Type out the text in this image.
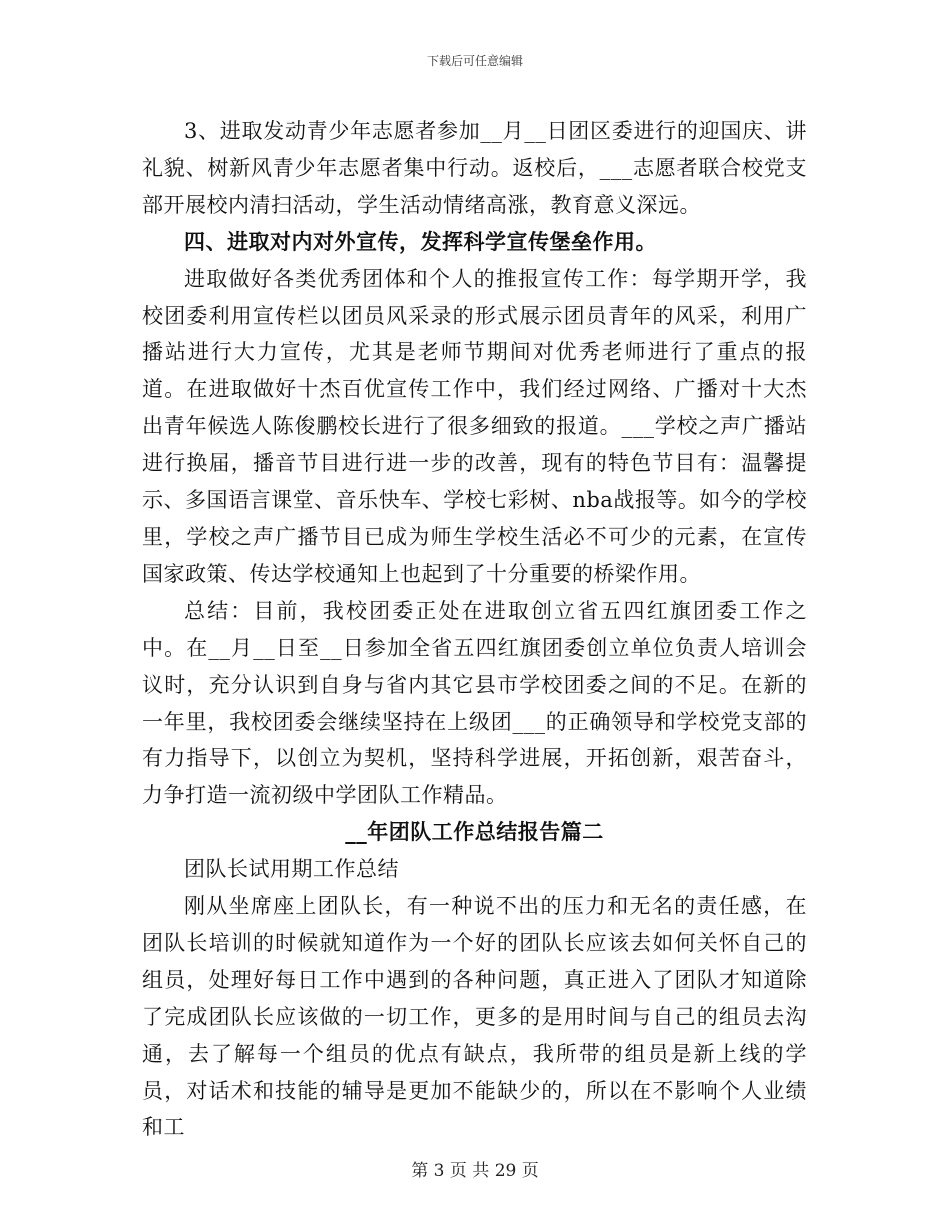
下载后可任意编辑

3、进取发动青少年志愿者参加__月__日团区委进行的迎国庆、讲礼貌、树新风青少年志愿者集中行动。返校后，___志愿者联合校党支部开展校内清扫活动，学生活动情绪高涨，教育意义深远。

四、进取对内对外宣传，发挥科学宣传堡垒作用。

进取做好各类优秀团体和个人的推报宣传工作：每学期开学，我校团委利用宣传栏以团员风采录的形式展示团员青年的风采，利用广播站进行大力宣传，尤其是老师节期间对优秀老师进行了重点的报道。在进取做好十杰百优宣传工作中，我们经过网络、广播对十大杰出青年候选人陈俊鹏校长进行了很多细致的报道。___学校之声广播站进行换届，播音节目进行进一步的改善，现有的特色节目有：温馨提示、多国语言课堂、音乐快车、学校七彩树、nba战报等。如今的学校里，学校之声广播节目已成为师生学校生活必不可少的元素，在宣传国家政策、传达学校通知上也起到了十分重要的桥梁作用。

总结：目前，我校团委正处在进取创立省五四红旗团委工作之中。在__月__日至__日参加全省五四红旗团委创立单位负责人培训会议时，充分认识到自身与省内其它县市学校团委之间的不足。在新的一年里，我校团委会继续坚持在上级团___的正确领导和学校党支部的有力指导下，以创立为契机，坚持科学进展，开拓创新，艰苦奋斗，力争打造一流初级中学团队工作精品。

__年团队工作总结报告篇二

团队长试用期工作总结

刚从坐席座上团队长，有一种说不出的压力和无名的责任感，在团队长培训的时候就知道作为一个好的团队长应该去如何关怀自己的组员，处理好每日工作中遇到的各种问题，真正进入了团队才知道除了完成团队长应该做的一切工作，更多的是用时间与自己的组员去沟通，去了解每一个组员的优点有缺点，我所带的组员是新上线的学员，对话术和技能的辅导是更加不能缺少的，所以在不影响个人业绩和工

第 3 页 共 29 页
